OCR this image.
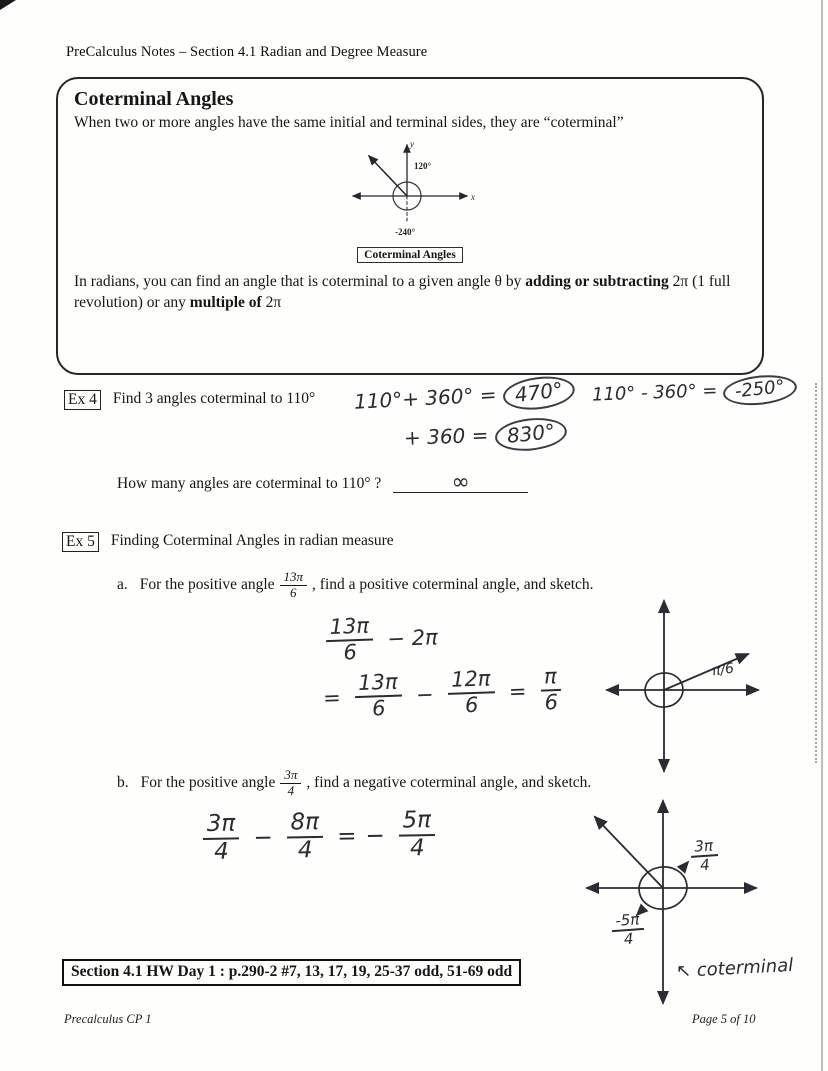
PreCalculus Notes – Section 4.1 Radian and Degree Measure
Coterminal Angles
When two or more angles have the same initial and terminal sides, they are “coterminal”
y
x
120°
-240°
Coterminal Angles
In radians, you can find an angle that is coterminal to a given angle θ by adding or subtracting 2π (1 full revolution) or any multiple of 2π
Ex 4 Find 3 angles coterminal to 110° 110°+ 360° = 470°
+ 360 = 830°
110° - 360° = -250°
How many angles are coterminal to 110° ?	∞
Ex 5 Finding Coterminal Angles in radian measure
a. For the positive angle $\frac{13\pi}{6}$ , find a positive coterminal angle, and sketch.
$\frac{13\pi}{6} - 2\pi$
= $\frac{13\pi}{6} - \frac{12\pi}{6} = \frac{\pi}{6}$	π/6
b. For the positive angle $\frac{3\pi}{4}$ , find a negative coterminal angle, and sketch.
$\frac{3\pi}{4} - \frac{8\pi}{4}$ = − $\frac{5\pi}{4}$	$\frac{3\pi}{4}$
$\frac{-5\pi}{4}$
↖ coterminal
Section 4.1 HW Day 1 : p.290-2 #7, 13, 17, 19, 25-37 odd, 51-69 odd
Precalculus CP 1	Page 5 of 10
